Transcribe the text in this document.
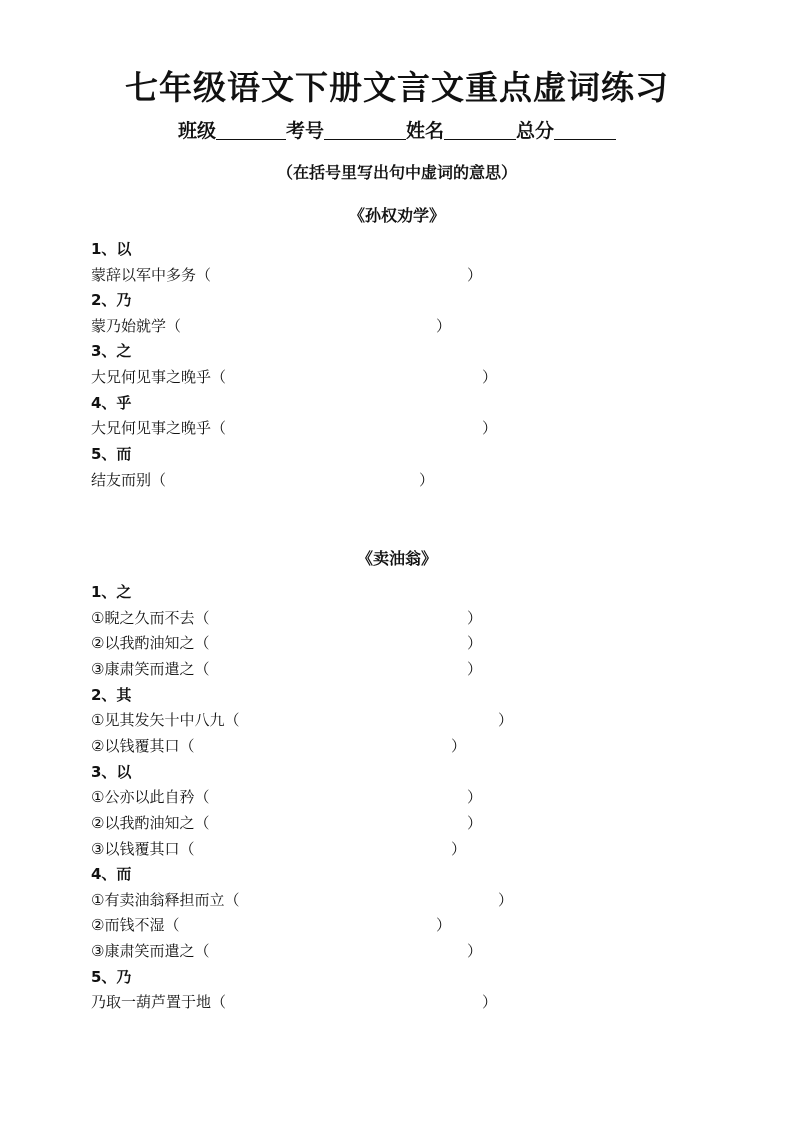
七年级语文下册文言文重点虚词练习
班级	考号	姓名	总分
（在括号里写出句中虚词的意思）
《孙权劝学》
1、以
蒙辞以军中多务（	）
2、乃
蒙乃始就学（	）
3、之
大兄何见事之晚乎（	）
4、乎
大兄何见事之晚乎（	）
5、而
结友而别（	）
《卖油翁》
1、之
①睨之久而不去（	）
②以我酌油知之（	）
③康肃笑而遣之（	）
2、其
①见其发矢十中八九（	）
②以钱覆其口（	）
3、以
①公亦以此自矜（	）
②以我酌油知之（	）
③以钱覆其口（	）
4、而
①有卖油翁释担而立（	）
②而钱不湿（	）
③康肃笑而遣之（	）
5、乃
乃取一葫芦置于地（	）
